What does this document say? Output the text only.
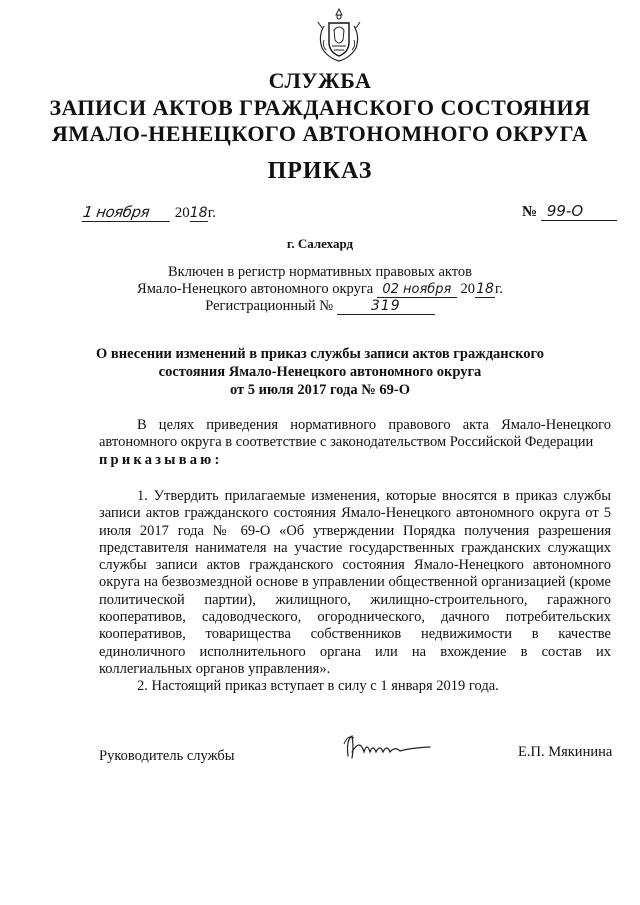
СЛУЖБА
ЗАПИСИ АКТОВ ГРАЖДАНСКОГО СОСТОЯНИЯ
ЯМАЛО-НЕНЕЦКОГО АВТОНОМНОГО ОКРУГА
ПРИКАЗ
1 ноября 2018г.	№ 99-О
г. Салехард
Включен в регистр нормативных правовых актов
Ямало-Ненецкого автономного округа 02 ноября 2018г.
Регистрационный №	319
О внесении изменений в приказ службы записи актов гражданского
состояния Ямало-Ненецкого автономного округа
от 5 июля 2017 года № 69-О
В целях приведения нормативного правового акта Ямало-Ненецкого автономного округа в соответствие с законодательством Российской Федерации
приказываю:
1. Утвердить прилагаемые изменения, которые вносятся в приказ службы записи актов гражданского состояния Ямало-Ненецкого автономного округа от 5 июля 2017 года № 69-О «Об утверждении Порядка получения разрешения представителя нанимателя на участие государственных гражданских служащих службы записи актов гражданского состояния Ямало-Ненецкого автономного округа на безвозмездной основе в управлении общественной организацией (кроме политической партии), жилищного, жилищно-строительного, гаражного кооперативов, садоводческого, огороднического, дачного потребительских кооперативов, товарищества собственников недвижимости в качестве единоличного исполнительного органа или на вхождение в состав их коллегиальных органов управления».
2. Настоящий приказ вступает в силу с 1 января 2019 года.
Руководитель службы	Е.П. Мякинина
